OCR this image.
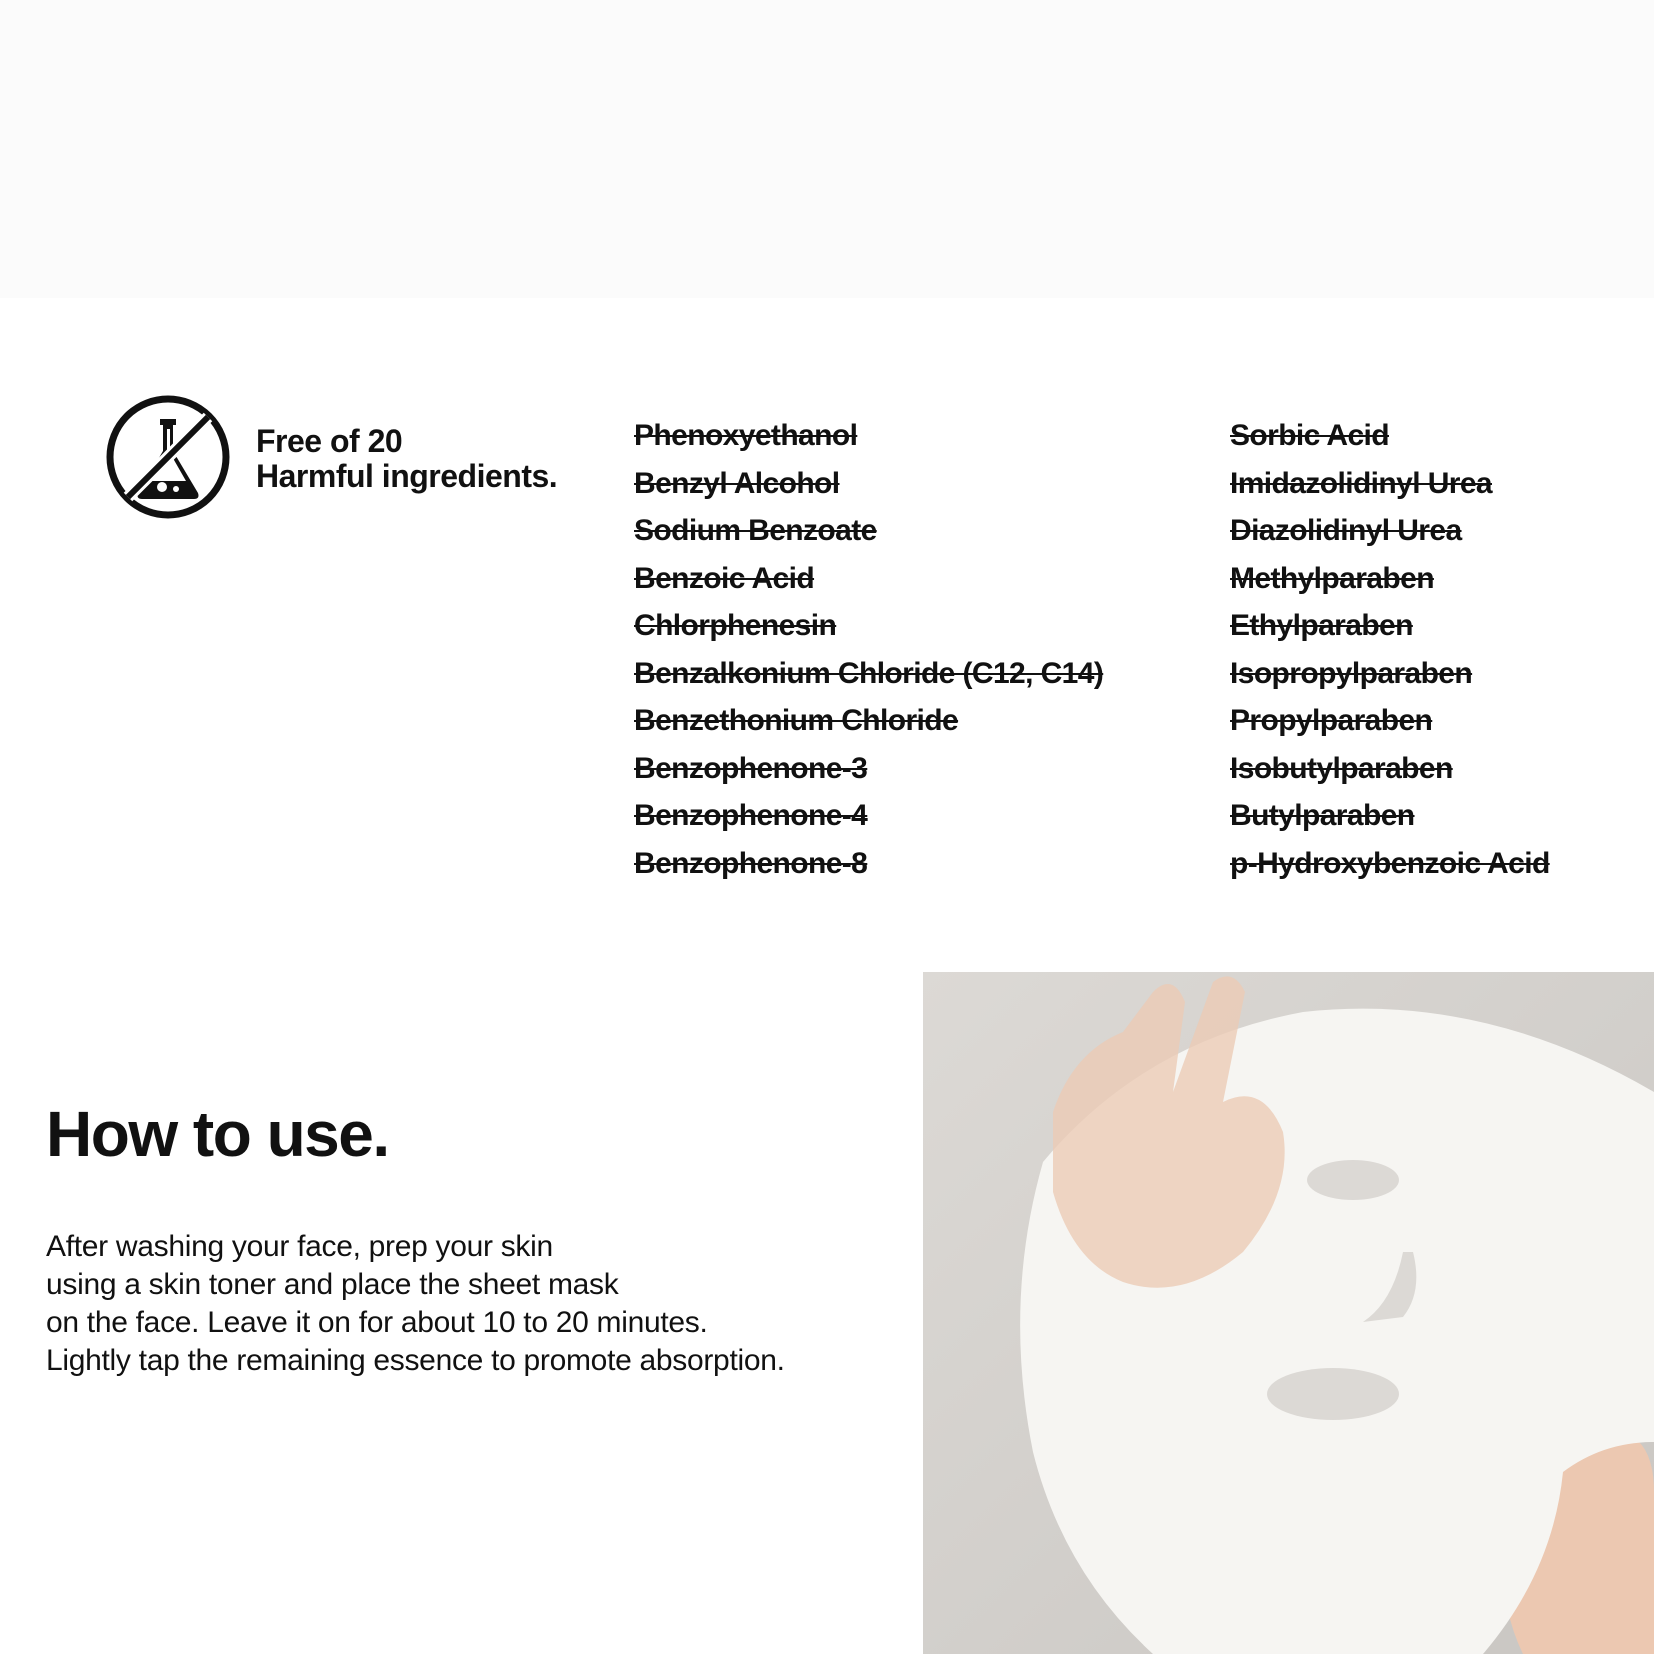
Free of 20
Harmful ingredients.
Phenoxyethanol
Benzyl Alcohol
Sodium Benzoate
Benzoic Acid
Chlorphenesin
Benzalkonium Chloride (C12, C14)
Benzethonium Chloride
Benzophenone-3
Benzophenone-4
Benzophenone-8
Sorbic Acid
Imidazolidinyl Urea
Diazolidinyl Urea
Methylparaben
Ethylparaben
Isopropylparaben
Propylparaben
Isobutylparaben
Butylparaben
p-Hydroxybenzoic Acid
How to use.

After washing your face, prep your skin
using a skin toner and place the sheet mask
on the face. Leave it on for about 10 to 20 minutes.
Lightly tap the remaining essence to promote absorption.
